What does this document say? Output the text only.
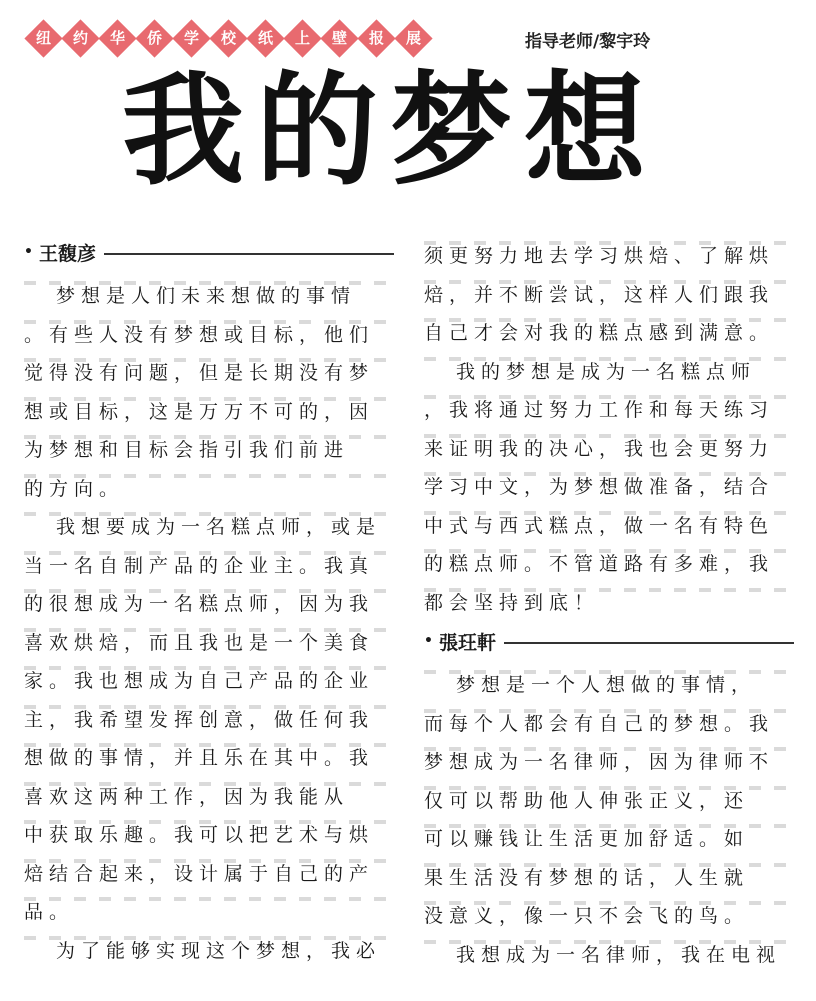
纽 约 华 侨 学 校 纸 上 壁 报 展	指导老师/黎宇玲
我的梦想
• 王馥彦
梦想是人们未来想做的事情
。有些人没有梦想或目标，他们
觉得没有问题，但是长期没有梦
想或目标，这是万万不可的，因
为梦想和目标会指引我们前进
的方向。
我想要成为一名糕点师，或是
当一名自制产品的企业主。我真
的很想成为一名糕点师，因为我
喜欢烘焙，而且我也是一个美食
家。我也想成为自己产品的企业
主，我希望发挥创意，做任何我
想做的事情，并且乐在其中。我
喜欢这两种工作，因为我能从
中获取乐趣。我可以把艺术与烘
焙结合起来，设计属于自己的产
品。
为了能够实现这个梦想，我必
须更努力地去学习烘焙、了解烘
焙，并不断尝试，这样人们跟我
自己才会对我的糕点感到满意。
我的梦想是成为一名糕点师
，我将通过努力工作和每天练习
来证明我的决心，我也会更努力
学习中文，为梦想做准备，结合
中式与西式糕点，做一名有特色
的糕点师。不管道路有多难，我
都会坚持到底！
• 張玨軒
梦想是一个人想做的事情，
而每个人都会有自己的梦想。我
梦想成为一名律师，因为律师不
仅可以帮助他人伸张正义，还
可以赚钱让生活更加舒适。如
果生活没有梦想的话，人生就
没意义，像一只不会飞的鸟。
我想成为一名律师，我在电视
